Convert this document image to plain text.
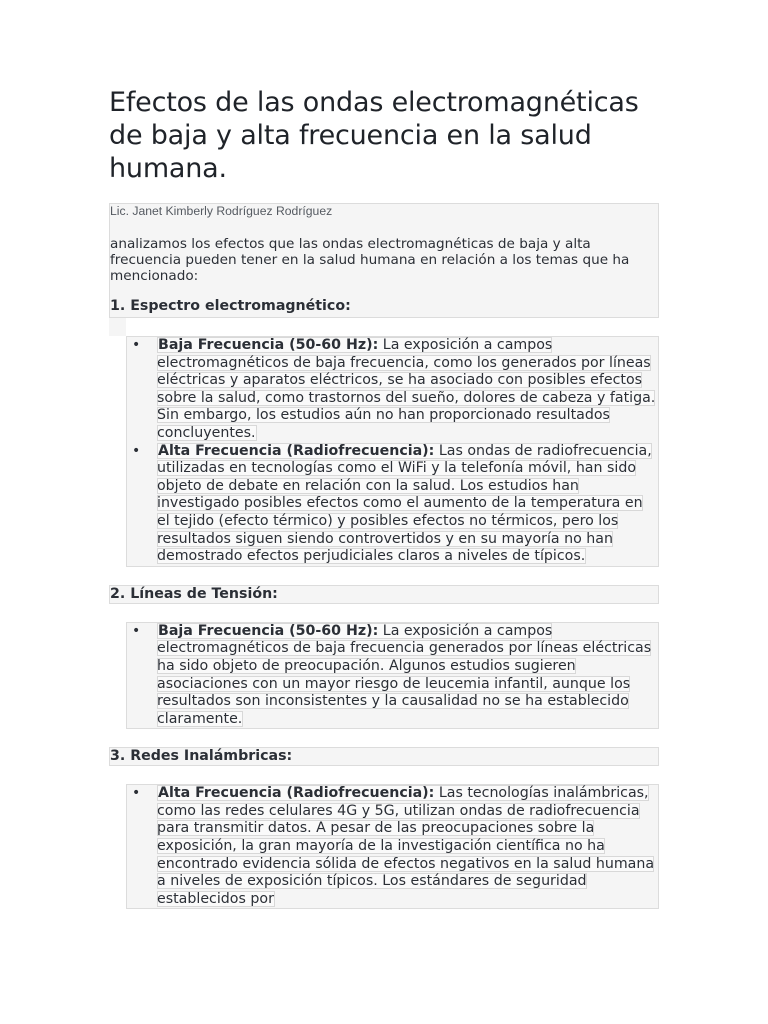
Efectos de las ondas electromagnéticas de baja y alta frecuencia en la salud humana.

Lic. Janet Kimberly Rodríguez Rodríguez

analizamos los efectos que las ondas electromagnéticas de baja y alta frecuencia pueden tener en la salud humana en relación a los temas que ha mencionado:

1. Espectro electromagnético:

• Baja Frecuencia (50-60 Hz): La exposición a campos electromagnéticos de baja frecuencia, como los generados por líneas eléctricas y aparatos eléctricos, se ha asociado con posibles efectos sobre la salud, como trastornos del sueño, dolores de cabeza y fatiga. Sin embargo, los estudios aún no han proporcionado resultados concluyentes.
• Alta Frecuencia (Radiofrecuencia): Las ondas de radiofrecuencia, utilizadas en tecnologías como el WiFi y la telefonía móvil, han sido objeto de debate en relación con la salud. Los estudios han investigado posibles efectos como el aumento de la temperatura en el tejido (efecto térmico) y posibles efectos no térmicos, pero los resultados siguen siendo controvertidos y en su mayoría no han demostrado efectos perjudiciales claros a niveles de típicos.

2. Líneas de Tensión:

• Baja Frecuencia (50-60 Hz): La exposición a campos electromagnéticos de baja frecuencia generados por líneas eléctricas ha sido objeto de preocupación. Algunos estudios sugieren asociaciones con un mayor riesgo de leucemia infantil, aunque los resultados son inconsistentes y la causalidad no se ha establecido claramente.

3. Redes Inalámbricas:

• Alta Frecuencia (Radiofrecuencia): Las tecnologías inalámbricas, como las redes celulares 4G y 5G, utilizan ondas de radiofrecuencia para transmitir datos. A pesar de las preocupaciones sobre la exposición, la gran mayoría de la investigación científica no ha encontrado evidencia sólida de efectos negativos en la salud humana a niveles de exposición típicos. Los estándares de seguridad establecidos por
